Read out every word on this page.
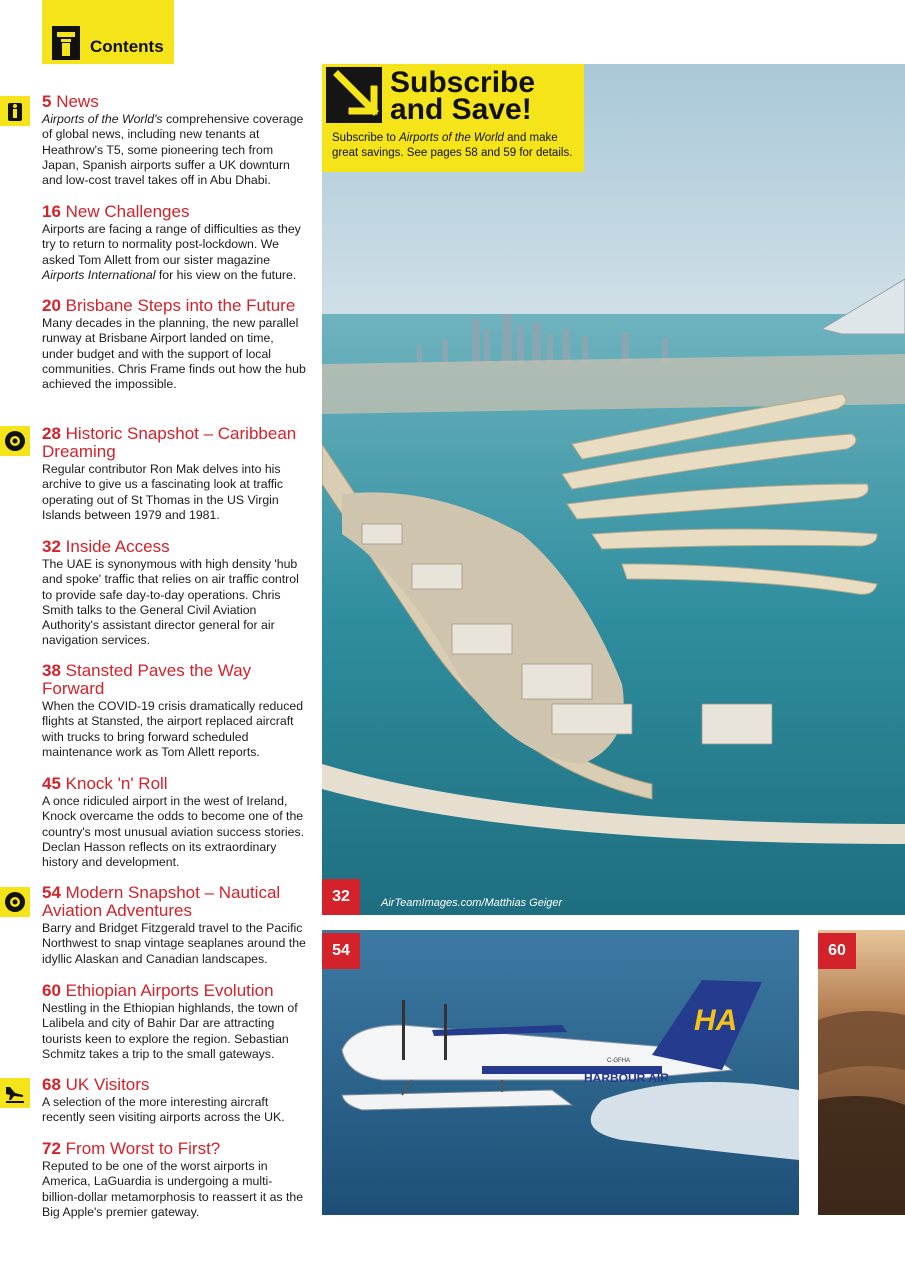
Contents

5 News

Airports of the World's comprehensive coverage of global news, including new tenants at Heathrow's T5, some pioneering tech from Japan, Spanish airports suffer a UK downturn and low-cost travel takes off in Abu Dhabi.

16 New Challenges

Airports are facing a range of difficulties as they try to return to normality post-lockdown. We asked Tom Allett from our sister magazine Airports International for his view on the future.

20 Brisbane Steps into the Future

Many decades in the planning, the new parallel runway at Brisbane Airport landed on time, under budget and with the support of local communities. Chris Frame finds out how the hub achieved the impossible.

28 Historic Snapshot – Caribbean Dreaming

Regular contributor Ron Mak delves into his archive to give us a fascinating look at traffic operating out of St Thomas in the US Virgin Islands between 1979 and 1981.

32 Inside Access

The UAE is synonymous with high density 'hub and spoke' traffic that relies on air traffic control to provide safe day-to-day operations. Chris Smith talks to the General Civil Aviation Authority's assistant director general for air navigation services.

38 Stansted Paves the Way Forward

When the COVID-19 crisis dramatically reduced flights at Stansted, the airport replaced aircraft with trucks to bring forward scheduled maintenance work as Tom Allett reports.

45 Knock 'n' Roll

A once ridiculed airport in the west of Ireland, Knock overcame the odds to become one of the country's most unusual aviation success stories. Declan Hasson reflects on its extraordinary history and development.

54 Modern Snapshot – Nautical Aviation Adventures

Barry and Bridget Fitzgerald travel to the Pacific Northwest to snap vintage seaplanes around the idyllic Alaskan and Canadian landscapes.

60 Ethiopian Airports Evolution

Nestling in the Ethiopian highlands, the town of Lalibela and city of Bahir Dar are attracting tourists keen to explore the region. Sebastian Schmitz takes a trip to the small gateways.

68 UK Visitors

A selection of the more interesting aircraft recently seen visiting airports across the UK.

72 From Worst to First?

Reputed to be one of the worst airports in America, LaGuardia is undergoing a multi-billion-dollar metamorphosis to reassert it as the Big Apple's premier gateway.

Subscribe
and Save!
Subscribe to Airports of the World and make great savings. See pages 58 and 59 for details.
32	AirTeamImages.com/Matthias Geiger
HA
HARBOUR AIR
C-GFHA
54	60
